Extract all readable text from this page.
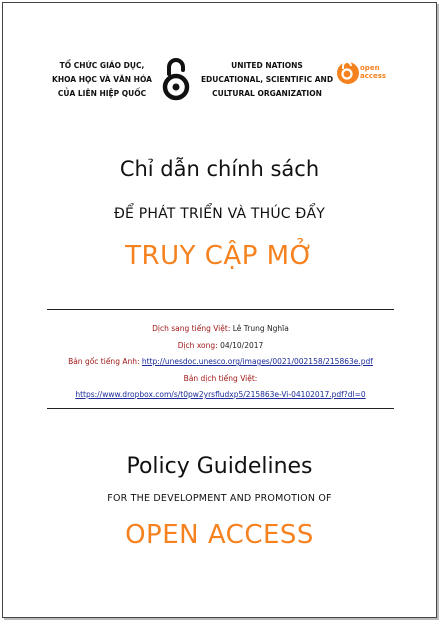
TỔ CHỨC GIÁO DỤC,
KHOA HỌC VÀ VĂN HÓA
CỦA LIÊN HIỆP QUỐC
UNITED NATIONS
EDUCATIONAL, SCIENTIFIC AND
CULTURAL ORGANIZATION
open
access
Chỉ dẫn chính sách
ĐỂ PHÁT TRIỂN VÀ THÚC ĐẨY
TRUY CẬP MỞ
Dịch sang tiếng Việt: Lê Trung Nghĩa
Dịch xong: 04/10/2017
Bản gốc tiếng Anh: http://unesdoc.unesco.org/images/0021/002158/215863e.pdf
Bản dịch tiếng Việt:
https://www.dropbox.com/s/t0pw2yrsfludxp5/215863e-Vi-04102017.pdf?dl=0
Policy Guidelines
FOR THE DEVELOPMENT AND PROMOTION OF
OPEN ACCESS
